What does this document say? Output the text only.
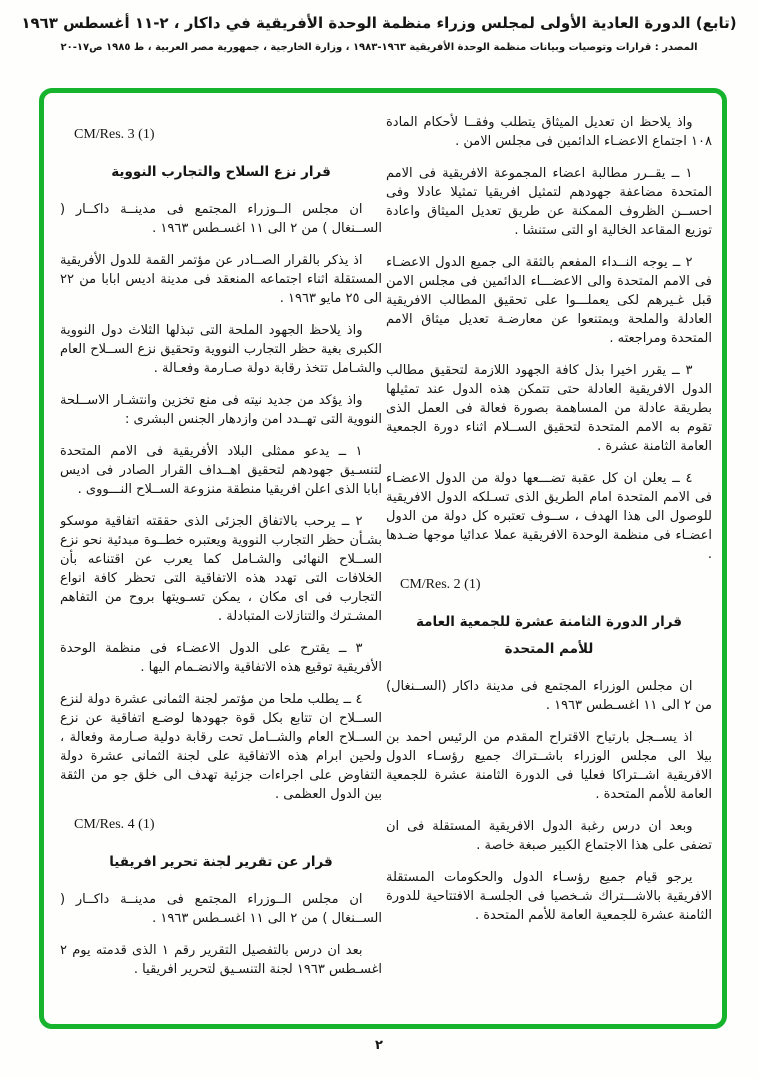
(تابع) الدورة العادية الأولى لمجلس وزراء منظمة الوحدة الأفريقية في داكار ، ٢-١١ أغسطس ١٩٦٣
المصدر : قرارات وتوصيات وبيانات منظمة الوحدة الأفريقية ١٩٦٣-١٩٨٣ ، وزارة الخارجية ، جمهورية مصر العربية ، ط ١٩٨٥ ص١٧-٢٠
واذ يلاحظ ان تعديل الميثاق يتطلب وفقــا لأحكام المادة ١٠٨ اجتماع الاعضـاء الدائمين فى مجلس الامن .
١ ــ يقــرر مطالبة اعضاء المجموعة الافريقية فى الامم المتحدة مضاعفة جهودهم لتمثيل افريقيا تمثيلا عادلا وفى احســن الظروف الممكنة عن طريق تعديل الميثاق واعادة توزيع المقاعد الخالية او التى ستنشا .
٢ ــ يوجه النــداء المفعم بالثقة الى جميع الدول الاعضـاء فى الامم المتحدة والى الاعضـــاء الدائمين فى مجلس الامن قبل غـيرهم لكى يعملـــوا على تحقيق المطالب الافريقية العادلة والملحة ويمتنعوا عن معارضـة تعديل ميثاق الامم المتحدة ومراجعته .
٣ ــ يقرر اخيرا بذل كافة الجهود اللازمة لتحقيق مطالب الدول الافريقية العادلة حتى تتمكن هذه الدول عند تمثيلها بطريقة عادلة من المساهمة بصورة فعالة فى العمل الذى تقوم به الامم المتحدة لتحقيق الســلام اثناء دورة الجمعية العامة الثامنة عشرة .
٤ ــ يعلن ان كل عقبة تضـــعها دولة من الدول الاعضـاء فى الامم المتحدة امام الطريق الذى تسـلكه الدول الافريقية للوصول الى هذا الهدف ، ســوف تعتبره كل دولة من الدول اعضـاء فى منظمة الوحدة الافريقية عملا عدائيا موجها ضـدها .
CM/Res. 2 (1)
قرار الدورة الثامنة عشرة للجمعية العامة للأمم المتحدة
ان مجلس الوزراء المجتمع فى مدينة داكار (الســنغال) من ٢ الى ١١ اغسـطس ١٩٦٣ .
اذ يســجل بارتياح الاقتراح المقدم من الرئيس احمد بن بيلا الى مجلس الوزراء باشــتراك جميع رؤسـاء الدول الافريقية اشــتراكا فعليا فى الدورة الثامنة عشرة للجمعية العامة للأمم المتحدة .
وبعد ان درس رغبة الدول الافريقية المستقلة فى ان تضفى على هذا الاجتماع الكبير صبغة خاصة .
يرجو قيام جميع رؤسـاء الدول والحكومات المستقلة الافريقية بالاشـــتراك شـخصيا فى الجلسـة الافتتاحية للدورة الثامنة عشرة للجمعية العامة للأمم المتحدة .
CM/Res. 3 (1)
قرار نزع السلاح والتجارب النووية
ان مجلس الــوزراء المجتمع فى مدينــة داكــار ( الســنغال ) من ٢ الى ١١ اغسـطس ١٩٦٣ .
اذ يذكر بالقرار الصــادر عن مؤتمر القمة للدول الأفريقية المستقلة اثناء اجتماعه المنعقد فى مدينة اديس ابابا من ٢٢ الى ٢٥ مايو ١٩٦٣ .
واذ يلاحظ الجهود الملحة التى تبذلها الثلاث دول النووية الكبرى بغية حظر التجارب النووية وتحقيق نزع الســلاح العام والشـامل تتخذ رقابة دولة صـارمة وفعـالة .
واذ يؤكد من جديد نيته فى منع تخزين وانتشـار الاســلحة النووية التى تهــدد امن وازدهار الجنس البشرى :
١ ــ يدعو ممثلى البلاد الأفريقية فى الامم المتحدة لتنسـيق جهودهم لتحقيق اهــداف القرار الصادر فى اديس ابابا الذى اعلن افريقيا منطقة منزوعة الســلاح النـــووى .
٢ ــ يرحب بالاتفاق الجزئى الذى حققته اتفاقية موسكو بشـأن حظر التجارب النووية ويعتبره خطــوة مبدئية نحو نزع الســلاح النهائى والشـامل كما يعرب عن اقتناعه بأن الخلافات التى تهدد هذه الاتفاقية التى تحظر كافة انواع التجارب فى اى مكان ، يمكن تسـويتها بروح من التفاهم المشـترك والتنازلات المتبادلة .
٣ ــ يقترح على الدول الاعضـاء فى منظمة الوحدة الأفريقية توقيع هذه الاتفاقية والانضـمام اليها .
٤ ــ يطلب ملحا من مؤتمر لجنة الثمانى عشرة دولة لنزع الســلاح ان تتابع بكل قوة جهودها لوضـع اتفاقية عن نزع الســلاح العام والشــامل تحت رقابة دولية صـارمة وفعالة ، ولحين ابرام هذه الاتفاقية على لجنة الثمانى عشرة دولة التفاوض على اجراءات جزئية تهدف الى خلق جو من الثقة بين الدول العظمى .
CM/Res. 4 (1)
قرار عن تقرير لجنة تحرير افريقيا
ان مجلس الــوزراء المجتمع فى مدينــة داكــار ( الســنغال ) من ٢ الى ١١ اغسـطس ١٩٦٣ .
بعد ان درس بالتفصيل التقرير رقم ١ الذى قدمته يوم ٢ اغسـطس ١٩٦٣ لجنة التنسـيق لتحرير افريقيا .
٢
